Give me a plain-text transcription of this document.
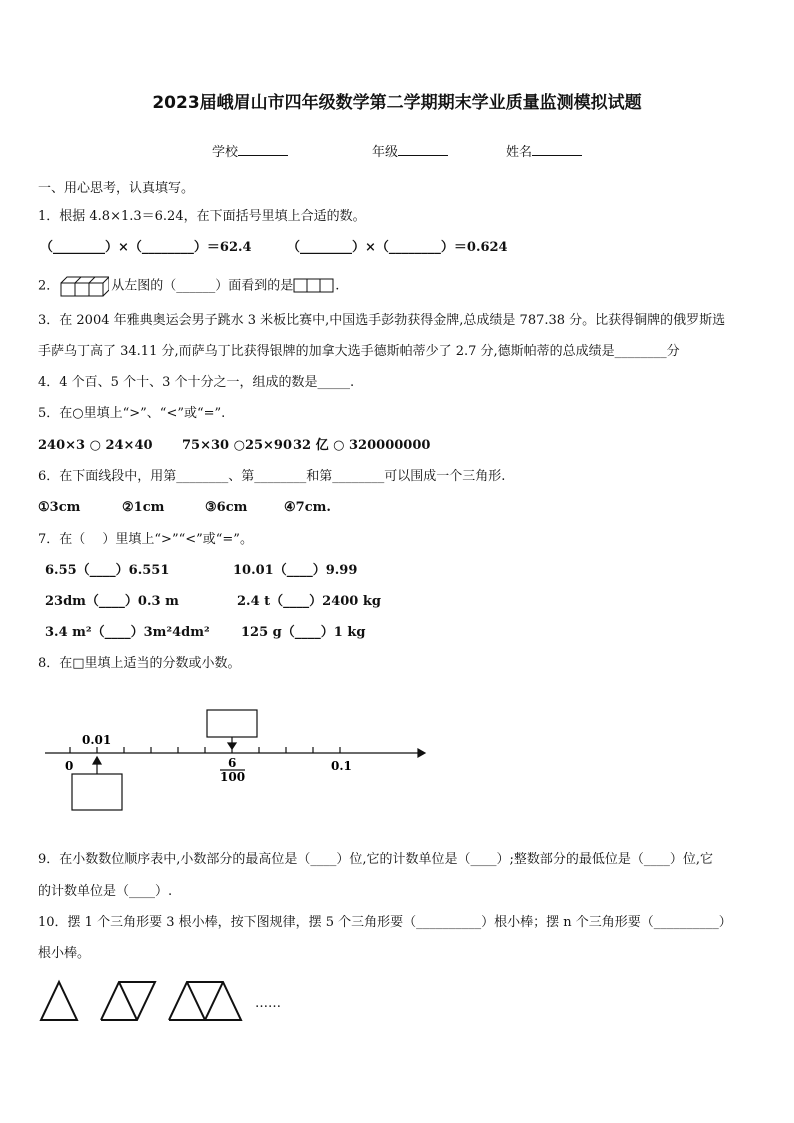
2023届峨眉山市四年级数学第二学期期末学业质量监测模拟试题
学校	年级	姓名
一、用心思考，认真填写。
1．根据 4.8×1.3＝6.24，在下面括号里填上合适的数。
（________）×（________）＝62.4	（________）×（________）＝0.624
2．	从左图的（______）面看到的是	.
3．在 2004 年雅典奥运会男子跳水 3 米板比赛中,中国选手彭勃获得金牌,总成绩是 787.38 分。比获得铜牌的俄罗斯选
手萨乌丁高了 34.11 分,而萨乌丁比获得银牌的加拿大选手德斯帕蒂少了 2.7 分,德斯帕蒂的总成绩是________分
4．4 个百、5 个十、3 个十分之一，组成的数是_____.
5．在○里填上“>”、“<”或“=”.
240×3 ○ 24×40 75×30 ○25×90 32 亿 ○ 320000000
6．在下面线段中，用第________、第________和第________可以围成一个三角形.
①3cm	②1cm	③6cm	④7cm.
7．在（　 ）里填上“>”“<”或“=”。
6.55（____）6.551	10.01（____）9.99
23dm（____）0.3 m	2.4 t（____）2400 kg
3.4 m²（____）3m²4dm² 125 g（____）1 kg
8．在□里填上适当的分数或小数。
0
0.01
6
100
0.1
9．在小数数位顺序表中,小数部分的最高位是（____）位,它的计数单位是（____）;整数部分的最低位是（____）位,它
的计数单位是（____）.
10．摆 1 个三角形要 3 根小棒，按下图规律，摆 5 个三角形要（__________）根小棒；摆 n 个三角形要（__________）
根小棒。
……
